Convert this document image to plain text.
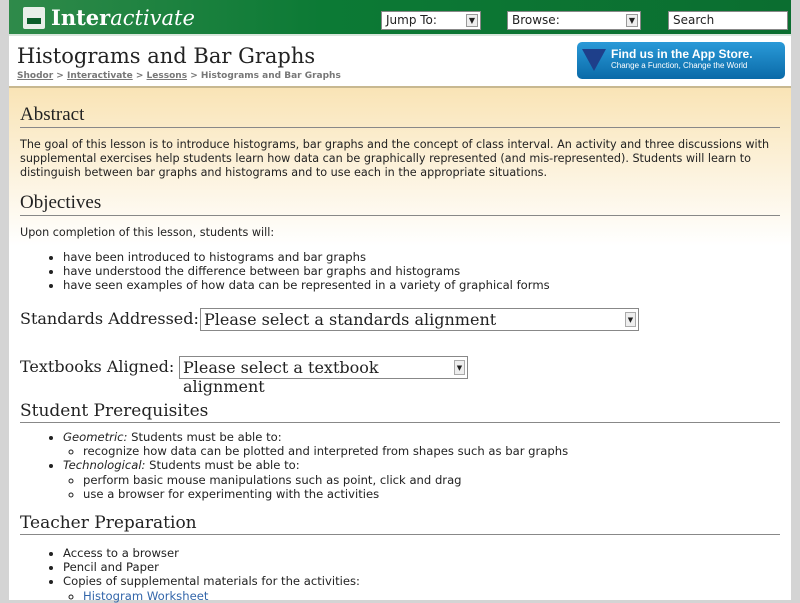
Inter activate	Jump To:	▼	Browse:	▼	Search
Histograms and Bar Graphs
Shodor > Interactivate > Lessons > Histograms and Bar Graphs
Find us in the App Store.
Change a Function, Change the World
Abstract
The goal of this lesson is to introduce histograms, bar graphs and the concept of class interval. An activity and three discussions with supplemental exercises help students learn how data can be graphically represented (and mis-represented). Students will learn to distinguish between bar graphs and histograms and to use each in the appropriate situations.
Objectives
Upon completion of this lesson, students will:
• have been introduced to histograms and bar graphs
• have understood the difference between bar graphs and histograms
• have seen examples of how data can be represented in a variety of graphical forms
Standards Addressed: Please select a standards alignment	▼
Textbooks Aligned: Please select a textbook alignment
▼
Student Prerequisites
• Geometric: Students must be able to:
◦ recognize how data can be plotted and interpreted from shapes such as bar graphs
• Technological: Students must be able to:
◦ perform basic mouse manipulations such as point, click and drag
◦ use a browser for experimenting with the activities
Teacher Preparation
• Access to a browser
• Pencil and Paper
• Copies of supplemental materials for the activities:
◦ Histogram Worksheet
